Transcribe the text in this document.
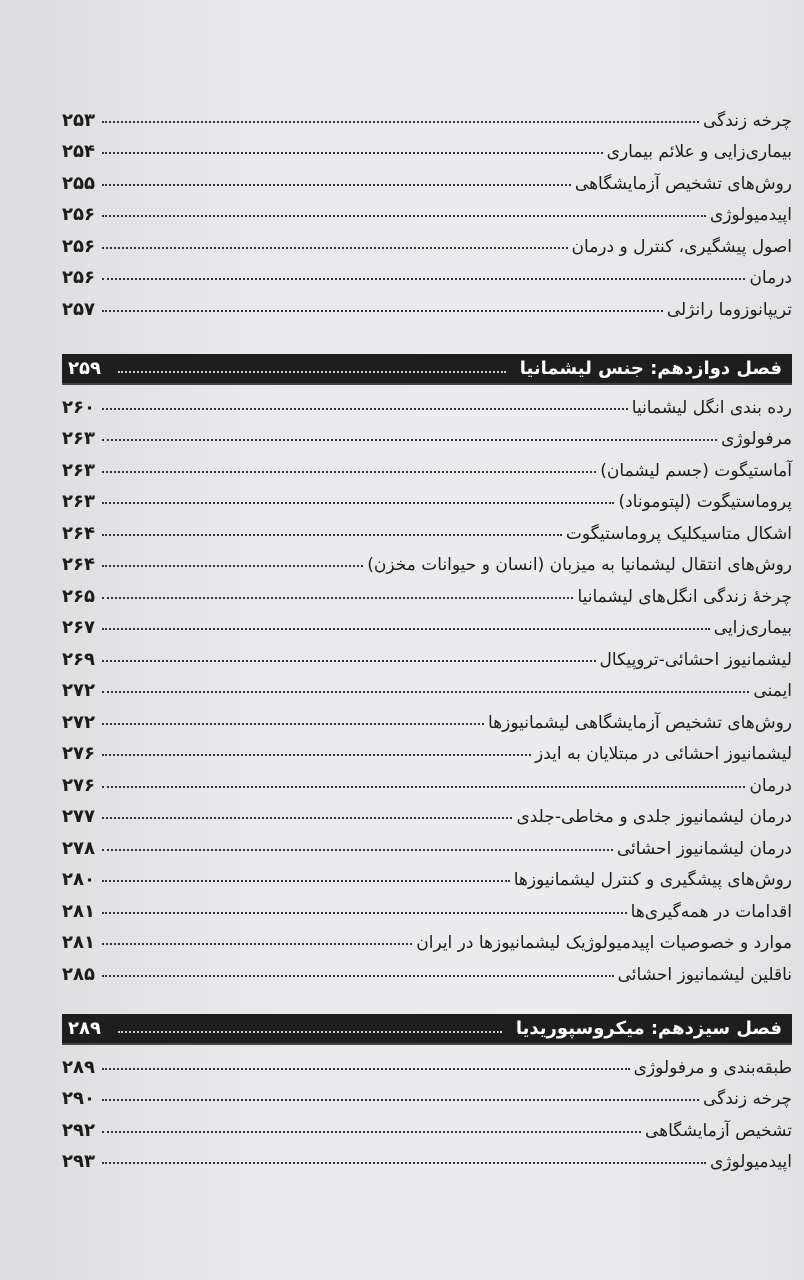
چرخه زندگی
۲۵۳
بیماری‌زایی و علائم بیماری
۲۵۴
روش‌های تشخیص آزمایشگاهی
۲۵۵
اپیدمیولوژی
۲۵۶
اصول پیشگیری، کنترل و درمان
۲۵۶
درمان
۲۵۶
تریپانوزوما رانژلی
۲۵۷
فصل دوازدهم: جنس لیشمانیا
۲۵۹
رده بندی انگل لیشمانیا
۲۶۰
مرفولوژی
۲۶۳
آماستیگوت (جسم لیشمان)
۲۶۳
پروماستیگوت (لپتوموناد)
۲۶۳
اشکال متاسیکلیک پروماستیگوت
۲۶۴
روش‌های انتقال لیشمانیا به میزبان (انسان و حیوانات مخزن)
۲۶۴
چرخهٔ زندگی انگل‌های لیشمانیا
۲۶۵
بیماری‌زایی
۲۶۷
لیشمانیوز احشائی-تروپیکال
۲۶۹
ایمنی
۲۷۲
روش‌های تشخیص آزمایشگاهی لیشمانیوزها
۲۷۲
لیشمانیوز احشائی در مبتلایان به ایدز
۲۷۶
درمان
۲۷۶
درمان لیشمانیوز جلدی و مخاطی-جلدی
۲۷۷
درمان لیشمانیوز احشائی
۲۷۸
روش‌های پیشگیری و کنترل لیشمانیوزها
۲۸۰
اقدامات در همه‌گیری‌ها
۲۸۱
موارد و خصوصیات اپیدمیولوژیک لیشمانیوزها در ایران
۲۸۱
ناقلین لیشمانیوز احشائی
۲۸۵
فصل سیزدهم: میکروسپوریدیا
۲۸۹
طبقه‌بندی و مرفولوژی
۲۸۹
چرخه زندگی
۲۹۰
تشخیص آزمایشگاهی
۲۹۲
اپیدمیولوژی
۲۹۳
